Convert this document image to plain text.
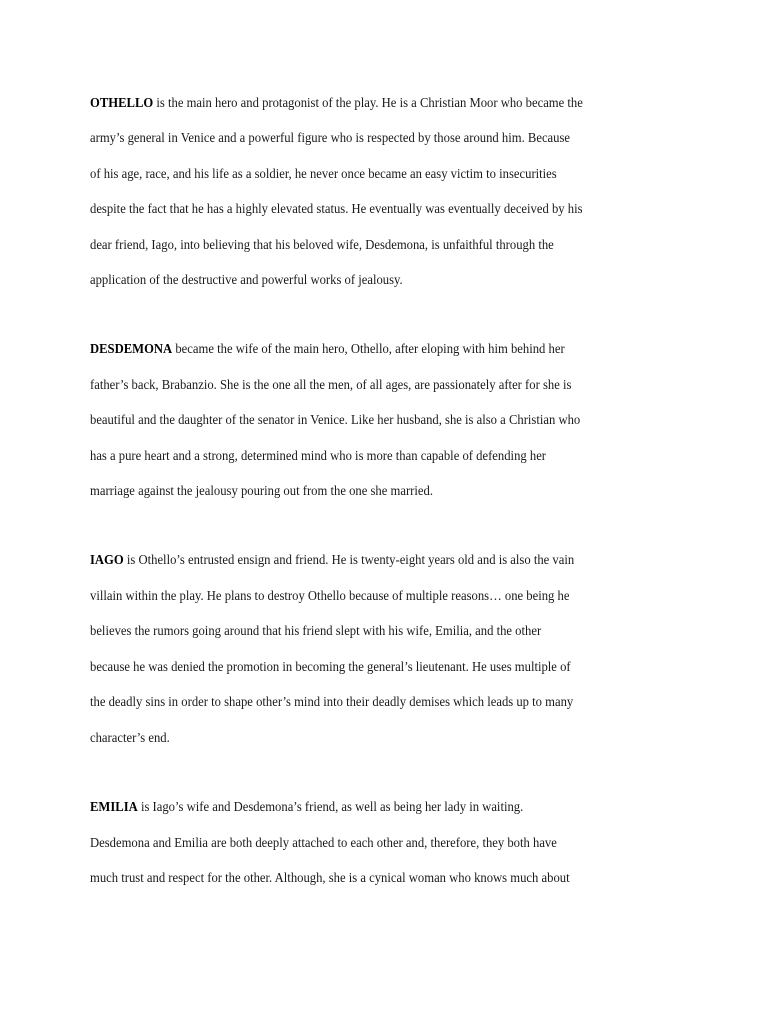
OTHELLO is the main hero and protagonist of the play. He is a Christian Moor who became the

army’s general in Venice and a powerful figure who is respected by those around him. Because

of his age, race, and his life as a soldier, he never once became an easy victim to insecurities

despite the fact that he has a highly elevated status. He eventually was eventually deceived by his

dear friend, Iago, into believing that his beloved wife, Desdemona, is unfaithful through the

application of the destructive and powerful works of jealousy.

DESDEMONA became the wife of the main hero, Othello, after eloping with him behind her

father’s back, Brabanzio. She is the one all the men, of all ages, are passionately after for she is

beautiful and the daughter of the senator in Venice. Like her husband, she is also a Christian who

has a pure heart and a strong, determined mind who is more than capable of defending her

marriage against the jealousy pouring out from the one she married.

IAGO is Othello’s entrusted ensign and friend. He is twenty-eight years old and is also the vain

villain within the play. He plans to destroy Othello because of multiple reasons… one being he

believes the rumors going around that his friend slept with his wife, Emilia, and the other

because he was denied the promotion in becoming the general’s lieutenant. He uses multiple of

the deadly sins in order to shape other’s mind into their deadly demises which leads up to many

character’s end.

EMILIA is Iago’s wife and Desdemona’s friend, as well as being her lady in waiting.

Desdemona and Emilia are both deeply attached to each other and, therefore, they both have

much trust and respect for the other. Although, she is a cynical woman who knows much about
